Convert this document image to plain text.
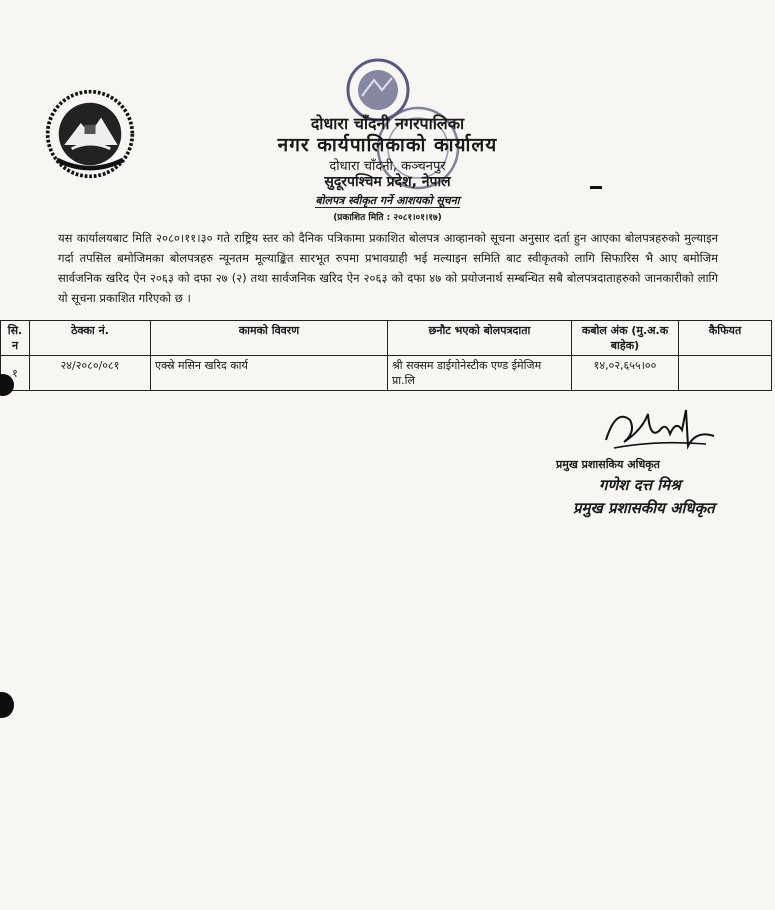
दोधारा चाँदनी नगरपालिका
नगर कार्यपालिकाको कार्यालय
दोधारा चाँदनी, कञ्चनपुर
सुदूरपश्चिम प्रदेश, नेपाल
बोलपत्र स्वीकृत गर्ने आशयको सूचना
(प्रकाशित मिति : २०८१।०१।१७)
यस कार्यालयबाट मिति २०८०।११।३० गते राष्ट्रिय स्तर को दैनिक पत्रिकामा प्रकाशित बोलपत्र आव्हानको सूचना अनुसार दर्ता हुन आएका बोलपत्रहरुको मुल्याइन गर्दा तपसिल बमोजिमका बोलपत्रहरु न्यूनतम मूल्याङ्कित सारभूत रुपमा प्रभावग्राही भई मल्याइन समिति बाट स्वीकृतको लागि सिफारिस भै आए बमोजिम सार्वजनिक खरिद ऐन २०६३ को दफा २७ (२) तथा सार्वजनिक खरिद ऐन २०६३ को दफा ४७ को प्रयोजनार्थ सम्बन्धित सबै बोलपत्रदाताहरुको जानकारीको लागि यो सूचना प्रकाशित गरिएको छ ।
सि. न	ठेक्का नं.	कामको विवरण	छनौट भएको बोलपत्रदाता	कबोल अंक (मु.अ.क बाहेक)	कैफियत
१	२४/२०८०/०८१	एक्स्रे मसिन खरिद कार्य	श्री सक्सम डाईगोनेस्टीक एण्ड ईमेजिम प्रा.लि	१४,०२,६५५।००	
प्रमुख प्रशासकिय अधिकृत
गणेश दत्त मिश्र
प्रमुख प्रशासकीय अधिकृत
